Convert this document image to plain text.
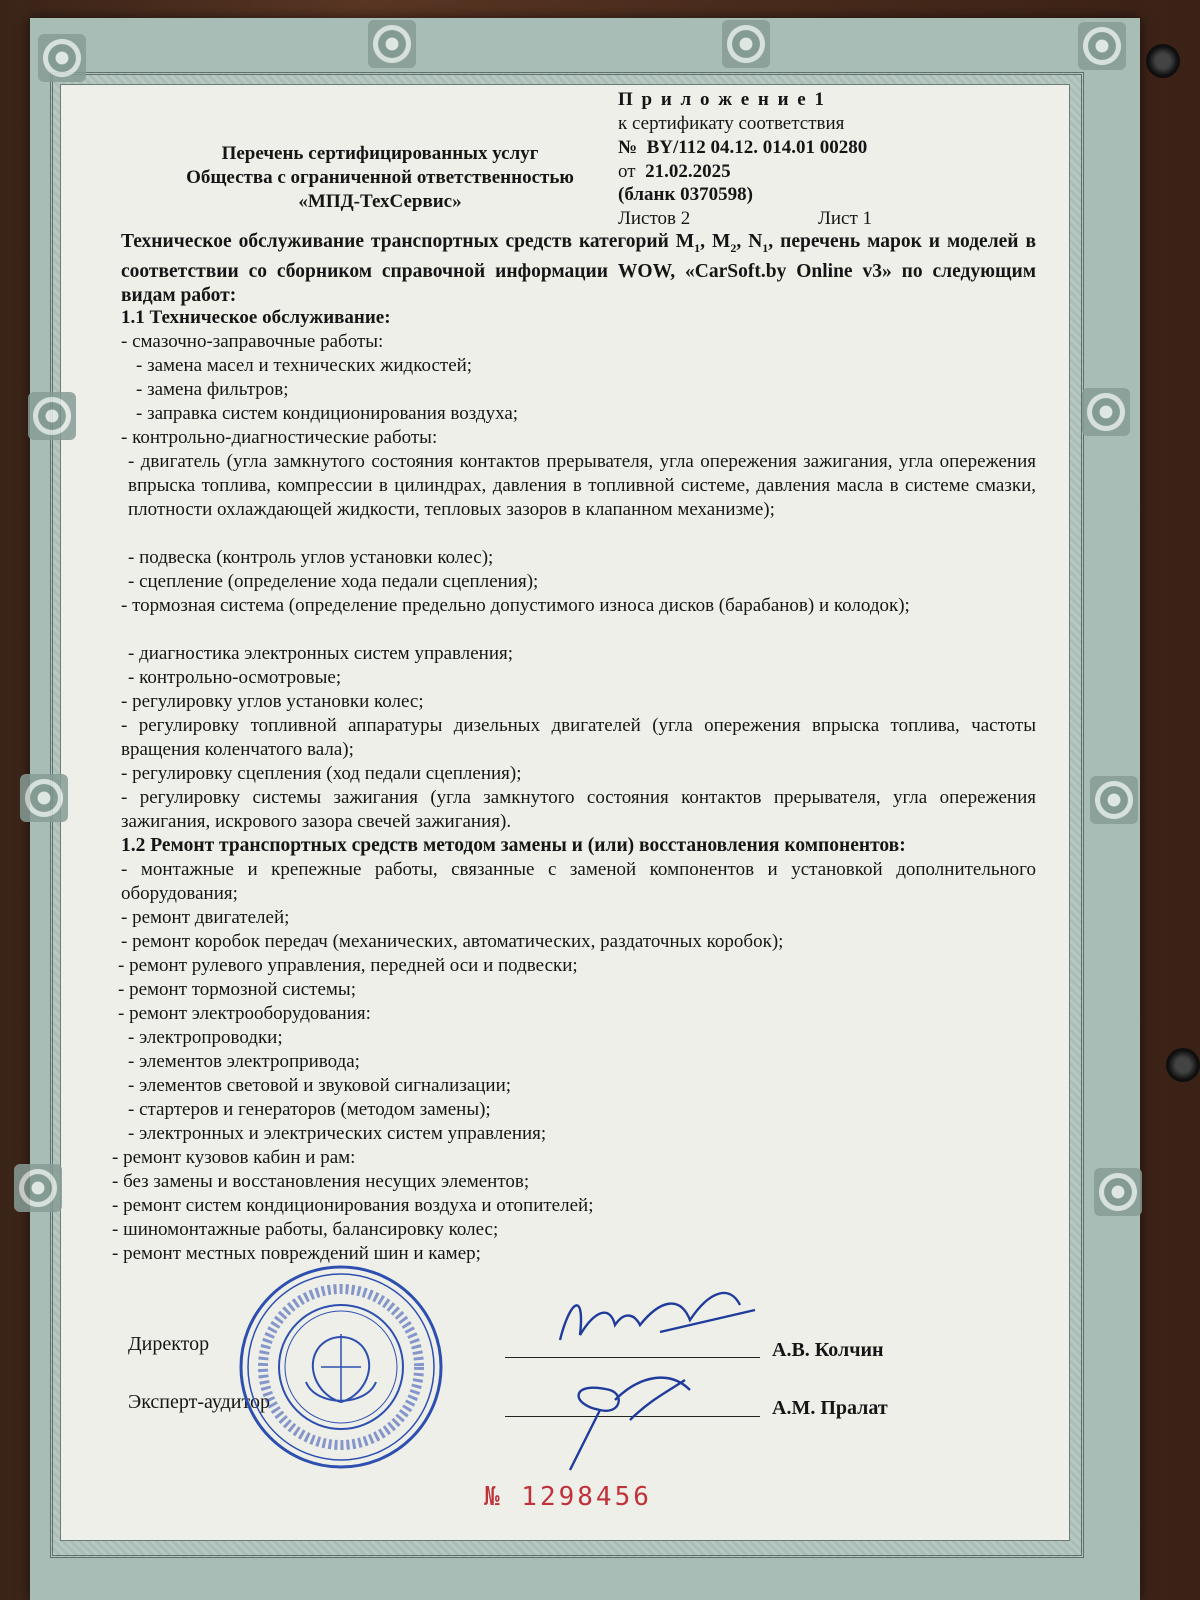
П р и л о ж е н и е 1
к сертификату соответствия
№ BY/112 04.12. 014.01 00280
от 21.02.2025
(бланк 0370598)
Листов 2	Лист 1
Перечень сертифицированных услуг
Общества с ограниченной ответственностью
«МПД-ТехСервис»
Техническое обслуживание транспортных средств категорий $M_1$, $M_2$, $N_1$, перечень марок и моделей в соответствии со сборником справочной информации WOW, «CarSoft.by Online v3» по следующим видам работ:
1.1 Техническое обслуживание:
- смазочно-заправочные работы:
- замена масел и технических жидкостей;
- замена фильтров;
- заправка систем кондиционирования воздуха;
- контрольно-диагностические работы:
- двигатель (угла замкнутого состояния контактов прерывателя, угла опережения зажигания, угла опережения впрыска топлива, компрессии в цилиндрах, давления в топливной системе, давления масла в системе смазки, плотности охлаждающей жидкости, тепловых зазоров в клапанном механизме);
- подвеска (контроль углов установки колес);
- сцепление (определение хода педали сцепления);
- тормозная система (определение предельно допустимого износа дисков (барабанов) и колодок);
- диагностика электронных систем управления;
- контрольно-осмотровые;
- регулировку углов установки колес;
- регулировку топливной аппаратуры дизельных двигателей (угла опережения впрыска топлива, частоты вращения коленчатого вала);
- регулировку сцепления (ход педали сцепления);
- регулировку системы зажигания (угла замкнутого состояния контактов прерывателя, угла опережения зажигания, искрового зазора свечей зажигания).
1.2 Ремонт транспортных средств методом замены и (или) восстановления компонентов:
- монтажные и крепежные работы, связанные с заменой компонентов и установкой дополнительного оборудования;
- ремонт двигателей;
- ремонт коробок передач (механических, автоматических, раздаточных коробок);
- ремонт рулевого управления, передней оси и подвески;
- ремонт тормозной системы;
- ремонт электрооборудования:
- электропроводки;
- элементов электропривода;
- элементов световой и звуковой сигнализации;
- стартеров и генераторов (методом замены);
- электронных и электрических систем управления;
- ремонт кузовов кабин и рам:
- без замены и восстановления несущих элементов;
- ремонт систем кондиционирования воздуха и отопителей;
- шиномонтажные работы, балансировку колес;
- ремонт местных повреждений шин и камер;
Директор	А.В. Колчин
Эксперт-аудитор	А.М. Пралат
№ 1298456
